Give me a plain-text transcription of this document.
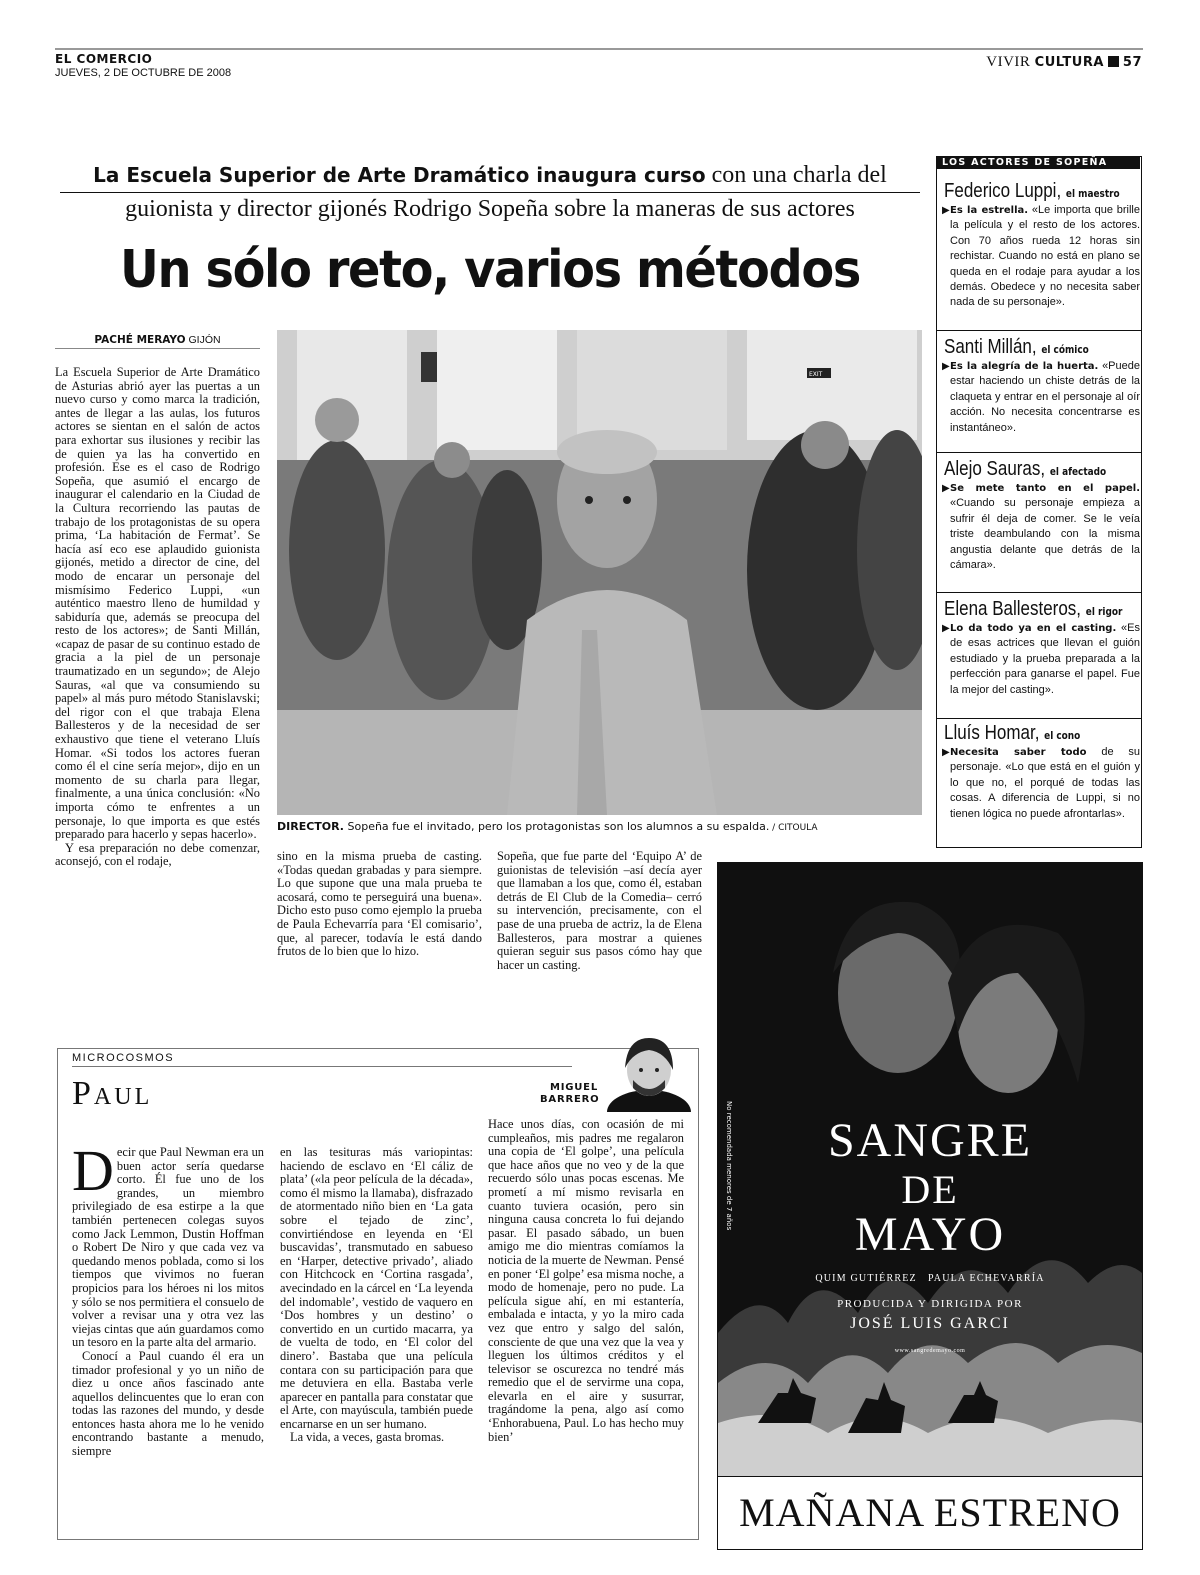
EL COMERCIO
JUEVES, 2 DE OCTUBRE DE 2008
VIVIR CULTURA 57
La Escuela Superior de Arte Dramático inaugura curso con una charla del guionista y director gijonés Rodrigo Sopeña sobre la maneras de sus actores
Un sólo reto, varios métodos
PACHÉ MERAYO GIJÓN

La Escuela Superior de Arte Dramático de Asturias abrió ayer las puertas a un nuevo curso y como marca la tradición, antes de llegar a las aulas, los futuros actores se sientan en el salón de actos para exhortar sus ilusiones y recibir las de quien ya las ha convertido en profesión. Ese es el caso de Rodrigo Sopeña, que asumió el encargo de inaugurar el calendario en la Ciudad de la Cultura recorriendo las pautas de trabajo de los protagonistas de su opera prima, ‘La habitación de Fermat’. Se hacía así eco ese aplaudido guionista gijonés, metido a director de cine, del modo de encarar un personaje del mismísimo Federico Luppi, «un auténtico maestro lleno de humildad y sabiduría que, además se preocupa del resto de los actores»; de Santi Millán, «capaz de pasar de su continuo estado de gracia a la piel de un personaje traumatizado en un segundo»; de Alejo Sauras, «al que va consumiendo su papel» al más puro método Stanislavski; del rigor con el que trabaja Elena Ballesteros y de la necesidad de ser exhaustivo que tiene el veterano Lluís Homar. «Si todos los actores fueran como él el cine sería mejor», dijo en un momento de su charla para llegar, finalmente, a una única conclusión: «No importa cómo te enfrentes a un personaje, lo que importa es que estés preparado para hacerlo y sepas hacerlo».

Y esa preparación no debe comenzar, aconsejó, con el rodaje,

EXIT
DIRECTOR. Sopeña fue el invitado, pero los protagonistas son los alumnos a su espalda. / CITOULA

sino en la misma prueba de casting. «Todas quedan grabadas y para siempre. Lo que supone que una mala prueba te acosará, como te perseguirá una buena». Dicho esto puso como ejemplo la prueba de Paula Echevarría para ‘El comisario’, que, al parecer, todavía le está dando frutos de lo bien que lo hizo.

Sopeña, que fue parte del ‘Equipo A’ de guionistas de televisión –así decía ayer que llamaban a los que, como él, estaban detrás de El Club de la Comedia– cerró su intervención, precisamente, con el pase de una prueba de actriz, la de Elena Ballesteros, para mostrar a quienes quieran seguir sus pasos cómo hay que hacer un casting.

LOS ACTORES DE SOPEÑA
Federico Luppi, el maestro
▶ Es la estrella. «Le importa que brille la película y el resto de los actores. Con 70 años rueda 12 horas sin rechistar. Cuando no está en plano se queda en el rodaje para ayudar a los demás. Obedece y no necesita saber nada de su personaje».
Santi Millán, el cómico
▶ Es la alegría de la huerta. «Puede estar haciendo un chiste detrás de la claqueta y entrar en el personaje al oír acción. No necesita concentrarse es instantáneo».
Alejo Sauras, el afectado
▶ Se mete tanto en el papel. «Cuando su personaje empieza a sufrir él deja de comer. Se le veía triste deambulando con la misma angustia delante que detrás de la cámara».
Elena Ballesteros, el rigor
▶ Lo da todo ya en el casting. «Es de esas actrices que llevan el guión estudiado y la prueba preparada a la perfección para ganarse el papel. Fue la mejor del casting».
Lluís Homar, el cono
▶ Necesita saber todo de su personaje. «Lo que está en el guión y lo que no, el porqué de todas las cosas. A diferencia de Luppi, si no tienen lógica no puede afrontarlas».
MICROCOSMOS
Paul	MIGUEL
BARRERO

Decir que Paul Newman era un buen actor sería quedarse corto. Él fue uno de los grandes, un miembro privilegiado de esa estirpe a la que también pertenecen colegas suyos como Jack Lemmon, Dustin Hoffman o Robert De Niro y que cada vez va quedando menos poblada, como si los tiempos que vivimos no fueran propicios para los héroes ni los mitos y sólo se nos permitiera el consuelo de volver a revisar una y otra vez las viejas cintas que aún guardamos como un tesoro en la parte alta del armario.

Conocí a Paul cuando él era un timador profesional y yo un niño de diez u once años fascinado ante aquellos delincuentes que lo eran con todas las razones del mundo, y desde entonces hasta ahora me lo he venido encontrando bastante a menudo, siempre

en las tesituras más variopintas: haciendo de esclavo en ‘El cáliz de plata’ («la peor película de la década», como él mismo la llamaba), disfrazado de atormentado niño bien en ‘La gata sobre el tejado de zinc’, convirtiéndose en leyenda en ‘El buscavidas’, transmutado en sabueso en ‘Harper, detective privado’, aliado con Hitchcock en ‘Cortina rasgada’, avecindado en la cárcel en ‘La leyenda del indomable’, vestido de vaquero en ‘Dos hombres y un destino’ o convertido en un curtido macarra, ya de vuelta de todo, en ‘El color del dinero’. Bastaba que una película contara con su participación para que me detuviera en ella. Bastaba verle aparecer en pantalla para constatar que el Arte, con mayúscula, también puede encarnarse en un ser humano.

La vida, a veces, gasta bromas.

Hace unos días, con ocasión de mi cumpleaños, mis padres me regalaron una copia de ‘El golpe’, una película que hace años que no veo y de la que recuerdo sólo unas pocas escenas. Me prometí a mí mismo revisarla en cuanto tuviera ocasión, pero sin ninguna causa concreta lo fui dejando pasar. El pasado sábado, un buen amigo me dio mientras comíamos la noticia de la muerte de Newman. Pensé en poner ‘El golpe’ esa misma noche, a modo de homenaje, pero no pude. La película sigue ahí, en mi estantería, embalada e intacta, y yo la miro cada vez que entro y salgo del salón, consciente de que una vez que la vea y lleguen los últimos créditos y el televisor se oscurezca no tendré más remedio que el de servirme una copa, elevarla en el aire y susurrar, tragándome la pena, algo así como ‘Enhorabuena, Paul. Lo has hecho muy bien’

SANGRE
DE
MAYO
QUIM GUTIÉRREZ   PAULA ECHEVARRÍA
PRODUCIDA Y DIRIGIDA POR
JOSÉ LUIS GARCI
www.sangredemayo.com
No recomendada menores de 7 años
MAÑANA ESTRENO
